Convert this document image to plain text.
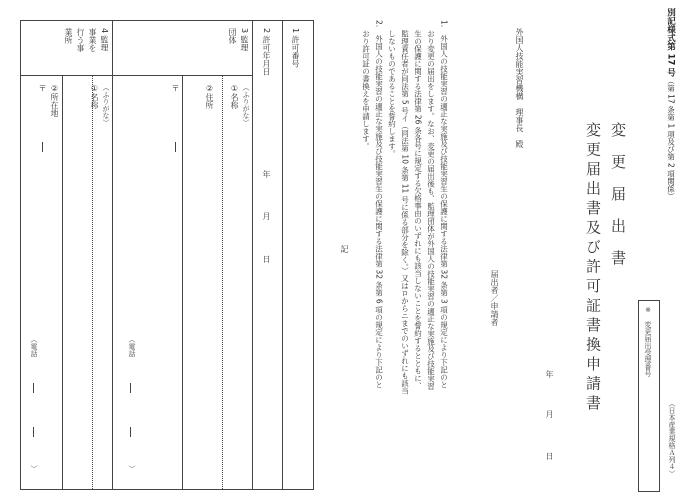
別記様式第 17 号（第 17 条第 1 項及び第 2 項関係）
（日本産業規格Ａ列４）
※　変更届出受理番号
変更届出書
変更届出書及び許可証書換申請書
年
月
日
外国人技能実習機構　理事長　殿
届出者／申請者
1.　外国人の技能実習の適正な実施及び技能実習生の保護に関する法律第 32 条第 3 項の規定により下記のと
おり変更の届出をします。なお、変更の届出後も、監理団体が外国人の技能実習の適正な実施及び技能実習
生の保護に関する法律第 26 条各号に規定する欠格事由のいずれにも該当しないことを誓約するとともに、
監理責任者が同法第 5 号イ（同法第 10 条第 11 号に係る部分を除く。）又はロからニまでのいずれにも該当
しないものであることを誓約します。
2.　外国人の技能実習の適正な実施及び技能実習生の保護に関する法律第 32 条第 6 項の規定により下記のと
おり許可証の書換えを申請します。
記
1 許可番号
2 許可年月日
年
月
日
3 監理
団体
（ふりがな）
①名称
②住所
〒
（電話
）
4 監理
事業を
行う事
業所
（ふりがな）
①名称
②所在地
〒
（電話
）
